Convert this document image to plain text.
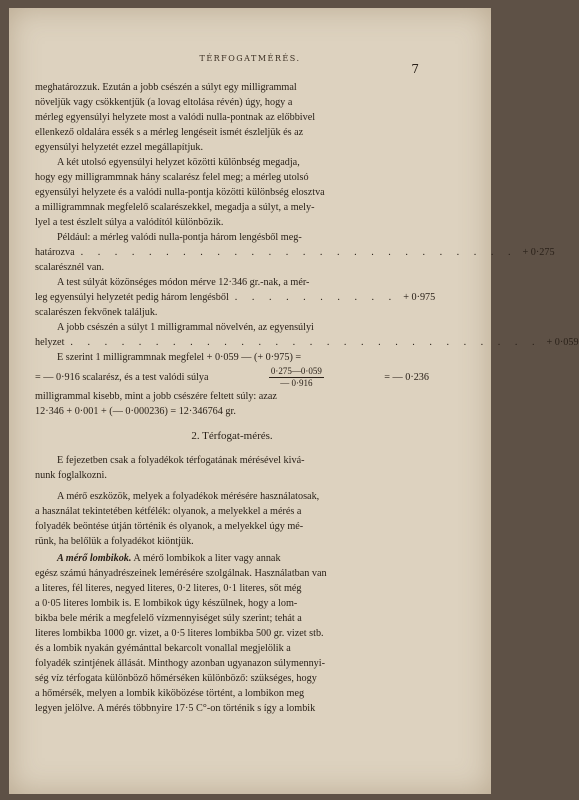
TÉRFOGATMÉRÉS.
7
meghatározzuk. Ezután a jobb csészén a súlyt egy milligrammal
növeljük vagy csökkentjük (a lovag eltolása révén) úgy, hogy a
mérleg egyensúlyi helyzete most a valódi nulla-pontnak az előbbivel
ellenkező oldalára essék s a mérleg lengéseit ismét észleljük és az
egyensúlyi helyzetét ezzel megállapítjuk.
A két utolsó egyensúlyi helyzet közötti különbség megadja,
hogy egy milligrammnak hány scalarész felel meg; a mérleg utolsó
egyensúlyi helyzete és a valódi nulla-pontja közötti különbség elosztva
a milligrammnak megfelelő scalarészekkel, megadja a súlyt, a mely-
lyel a test észlelt súlya a valódítól különbözik.
Például: a mérleg valódi nulla-pontja három lengésből meg-
határozva . . . . . . . . . . . . . . . . . . . . . . . . . . + 0·275
scalarésznél van.
A test súlyát közönséges módon mérve 12·346 gr.-nak, a mér-
leg egyensúlyi helyzetét pedig három lengésből . . . . . . . . . . + 0·975
scalarészen fekvőnek találjuk.
A jobb csészén a súlyt 1 milligrammal növelvén, az egyensúlyi
helyzet . . . . . . . . . . . . . . . . . . . . . . . . . . . . + 0·059
E szerint 1 milligrammnak megfelel + 0·059 — (+ 0·975) =
= — 0·916 scalarész, és a test valódi súlya	$\frac{0\cdot 275—0\cdot 059}{— 0\cdot 916}$	= — 0·236
milligrammal kisebb, mint a jobb csészére feltett súly: azaz
12·346 + 0·001 + (— 0·000236) = 12·346764 gr.
2. Térfogat-mérés.
E fejezetben csak a folyadékok térfogatának mérésével kivá-
nunk foglalkozni.
A mérő eszközök, melyek a folyadékok mérésére használatosak,
a használat tekintetében kétfélék: olyanok, a melyekkel a mérés a
folyadék beöntése útján történik és olyanok, a melyekkel úgy mé-
rünk, ha belőlük a folyadékot kiöntjük.
A mérő lombikok. A mérő lombikok a liter vagy annak
egész számú hányadrészeinek lemérésére szolgálnak. Használatban van
a literes, fél literes, negyed literes, 0·2 literes, 0·1 literes, sőt még
a 0·05 literes lombik is. E lombikok úgy készülnek, hogy a lom-
bikba bele mérik a megfelelő vízmennyiséget súly szerint; tehát a
literes lombikba 1000 gr. vizet, a 0·5 literes lombikba 500 gr. vizet stb.
és a lombik nyakán gyémánttal bekarcolt vonallal megjelölik a
folyadék szintjének állását. Minthogy azonban ugyanazon súlymennyi-
ség víz térfogata különböző hőmérséken különböző: szükséges, hogy
a hőmérsék, melyen a lombik kiköbözése történt, a lombikon meg
legyen jelölve. A mérés többnyire 17·5 C°-on történik s így a lombik
